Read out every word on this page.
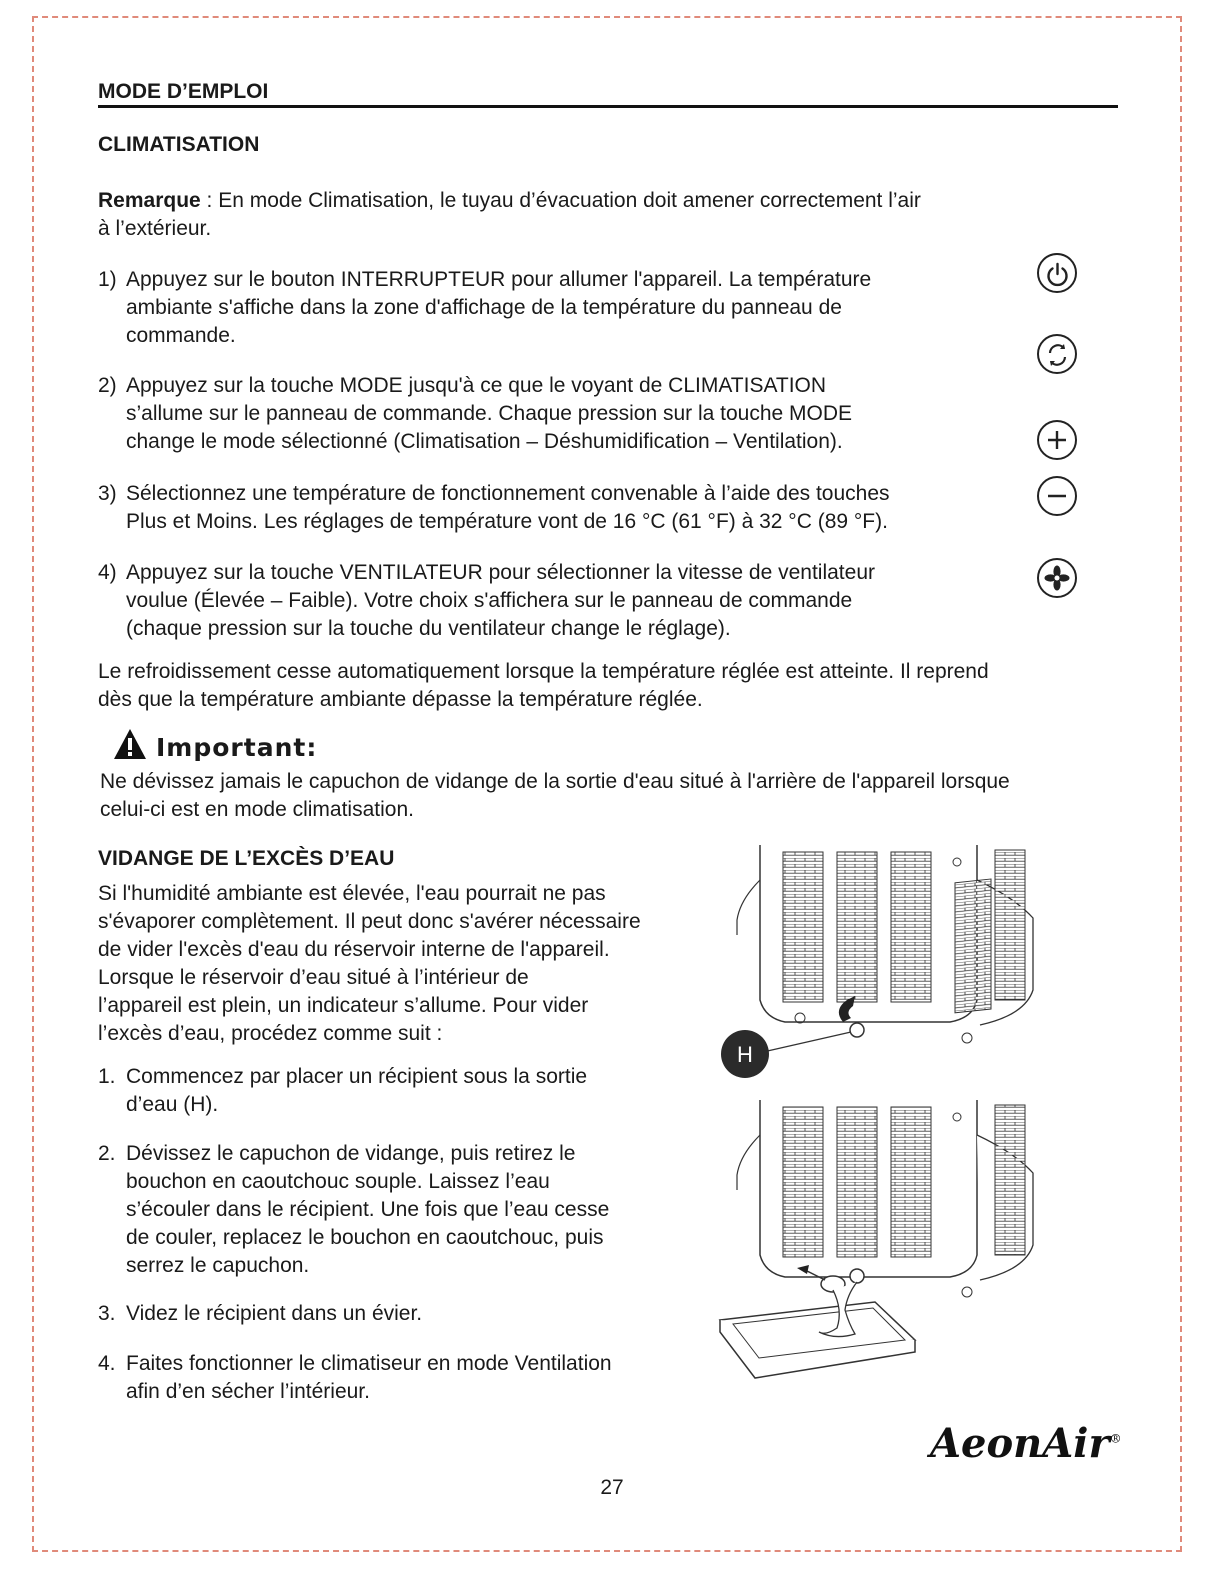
MODE D’EMPLOI
CLIMATISATION
Remarque : En mode Climatisation, le tuyau d’évacuation doit amener correctement l’air
à l’extérieur.
1) Appuyez sur le bouton INTERRUPTEUR pour allumer l'appareil. La température
ambiante s'affiche dans la zone d'affichage de la température du panneau de
commande.
2) Appuyez sur la touche MODE jusqu'à ce que le voyant de CLIMATISATION
s’allume sur le panneau de commande. Chaque pression sur la touche MODE
change le mode sélectionné (Climatisation – Déshumidification – Ventilation).
3) Sélectionnez une température de fonctionnement convenable à l’aide des touches
Plus et Moins. Les réglages de température vont de 16 °C (61 °F) à 32 °C (89 °F).
4) Appuyez sur la touche VENTILATEUR pour sélectionner la vitesse de ventilateur
voulue (Élevée – Faible). Votre choix s'affichera sur le panneau de commande
(chaque pression sur la touche du ventilateur change le réglage).
Le refroidissement cesse automatiquement lorsque la température réglée est atteinte. Il reprend
dès que la température ambiante dépasse la température réglée.
Important:
Ne dévissez jamais le capuchon de vidange de la sortie d'eau situé à l'arrière de l'appareil lorsque
celui-ci est en mode climatisation.
VIDANGE DE L’EXCÈS D’EAU
Si l'humidité ambiante est élevée, l'eau pourrait ne pas
s'évaporer complètement. Il peut donc s'avérer nécessaire
de vider l'excès d'eau du réservoir interne de l'appareil.
Lorsque le réservoir d’eau situé à l’intérieur de
l’appareil est plein, un indicateur s’allume. Pour vider
l’excès d’eau, procédez comme suit :
1. Commencez par placer un récipient sous la sortie
d’eau (H).
2. Dévissez le capuchon de vidange, puis retirez le
bouchon en caoutchouc souple. Laissez l’eau
s’écouler dans le récipient. Une fois que l’eau cesse
de couler, replacez le bouchon en caoutchouc, puis
serrez le capuchon.
3. Videz le récipient dans un évier.
4. Faites fonctionner le climatiseur en mode Ventilation
afin d’en sécher l’intérieur.
H
AeonAir®
27
